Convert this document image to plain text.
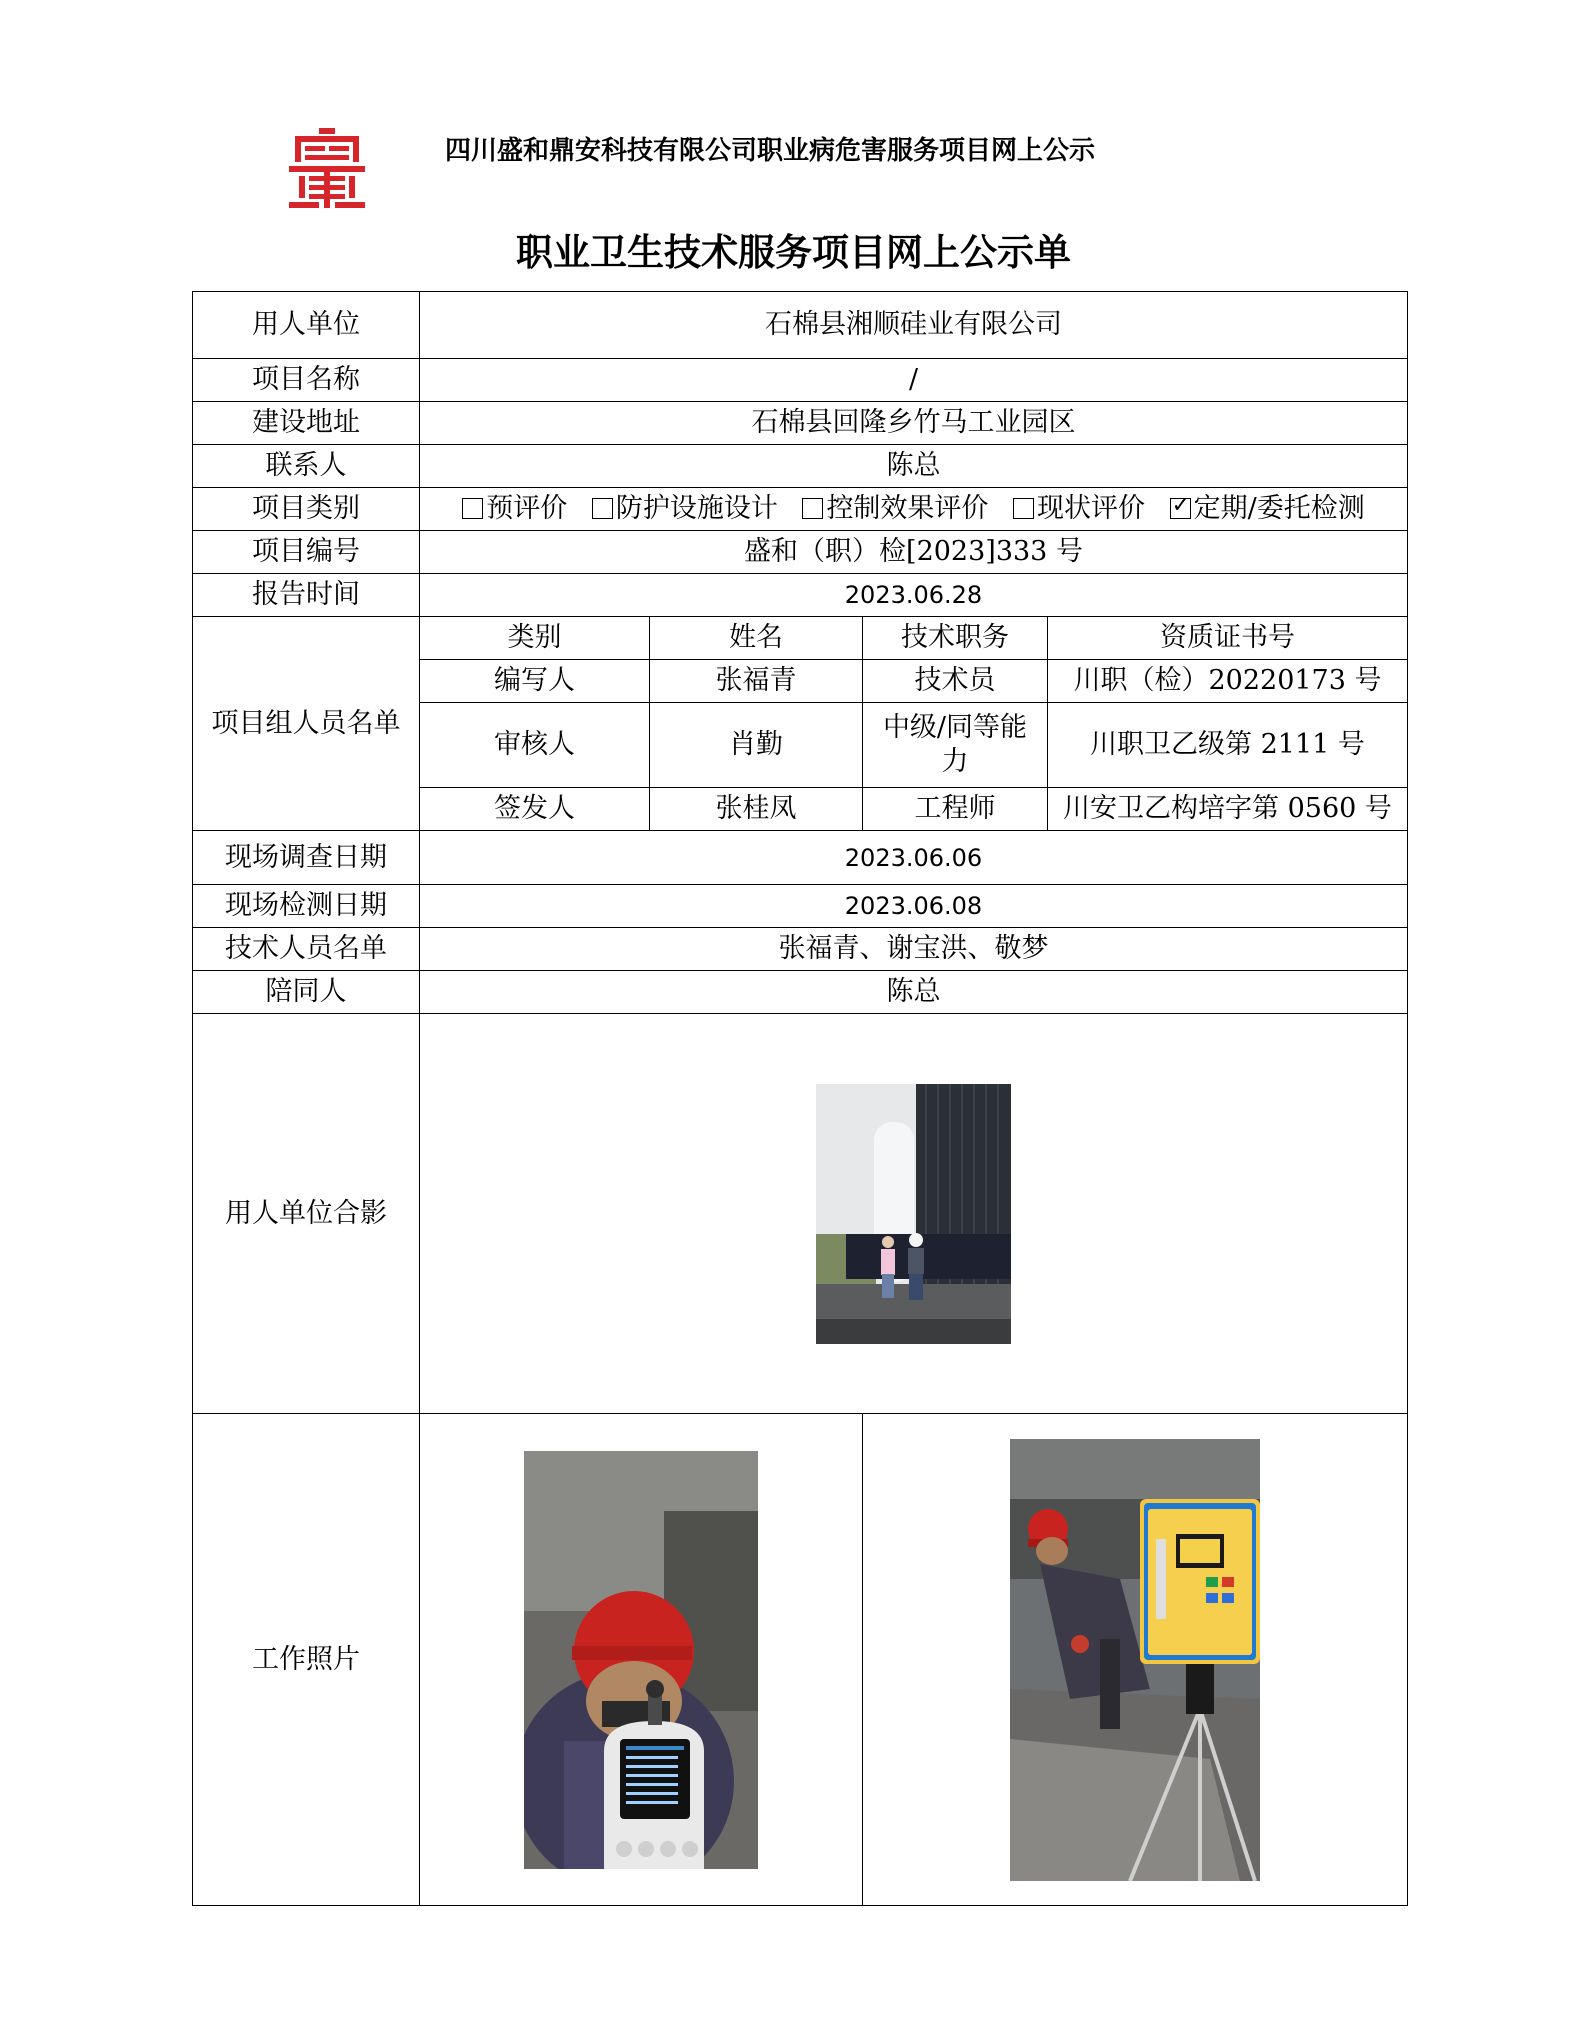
四川盛和鼎安科技有限公司职业病危害服务项目网上公示
职业卫生技术服务项目网上公示单
用人单位	石棉县湘顺硅业有限公司			
项目名称	/			
建设地址	石棉县回隆乡竹马工业园区			
联系人	陈总			
项目类别	预评价 防护设施设计 控制效果评价 现状评价 ✓ 定期/委托检测
项目编号	盛和（职）检[2023]333 号			
报告时间	2023.06.28			
项目组人员名单	类别	姓名	技术职务	资质证书号
	编写人	张福青	技术员	川职（检）20220173 号
	审核人	肖勤	中级/同等能力	川职卫乙级第 2111 号
	签发人	张桂凤	工程师	川安卫乙构培字第 0560 号
现场调查日期	2023.06.06			
现场检测日期	2023.06.08			
技术人员名单	张福青、谢宝洪、敬梦			
陪同人	陈总			
用人单位合影	
工作照片		
